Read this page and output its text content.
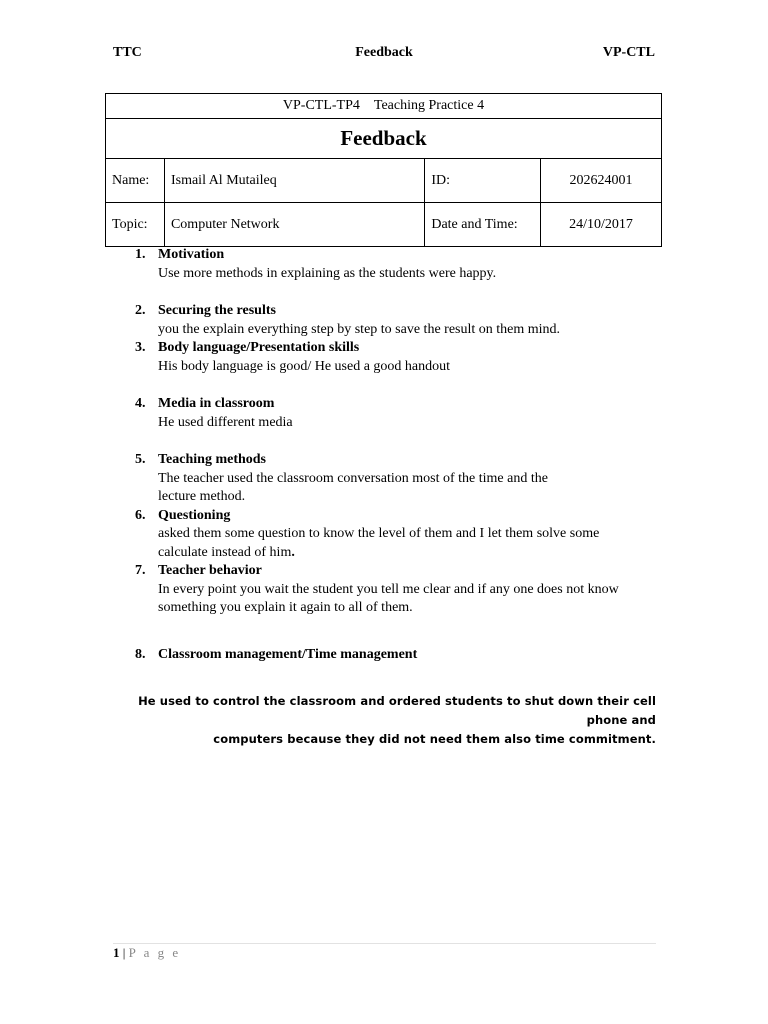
TTC	Feedback	VP-CTL
VP-CTL-TP4 Teaching Practice 4			
Feedback			
Name:	Ismail Al Mutaileq	ID:	202624001
Topic:	Computer Network	Date and Time:	24/10/2017
1. Motivation
Use more methods in explaining as the students were happy.
2. Securing the results
you the explain everything step by step to save the result on them mind.
3. Body language/Presentation skills
His body language is good/ He used a good handout
4. Media in classroom
He used different media
5. Teaching methods
The teacher used the classroom conversation most of the time and the
lecture method.
6. Questioning
asked them some question to know the level of them and I let them solve some
calculate instead of him.
7. Teacher behavior
In every point you wait the student you tell me clear and if any one does not know
something you explain it again to all of them.
8. Classroom management/Time management
He used to control the classroom and ordered students to shut down their cell phone and
computers because they did not need them also time commitment.
1 | P a g e
